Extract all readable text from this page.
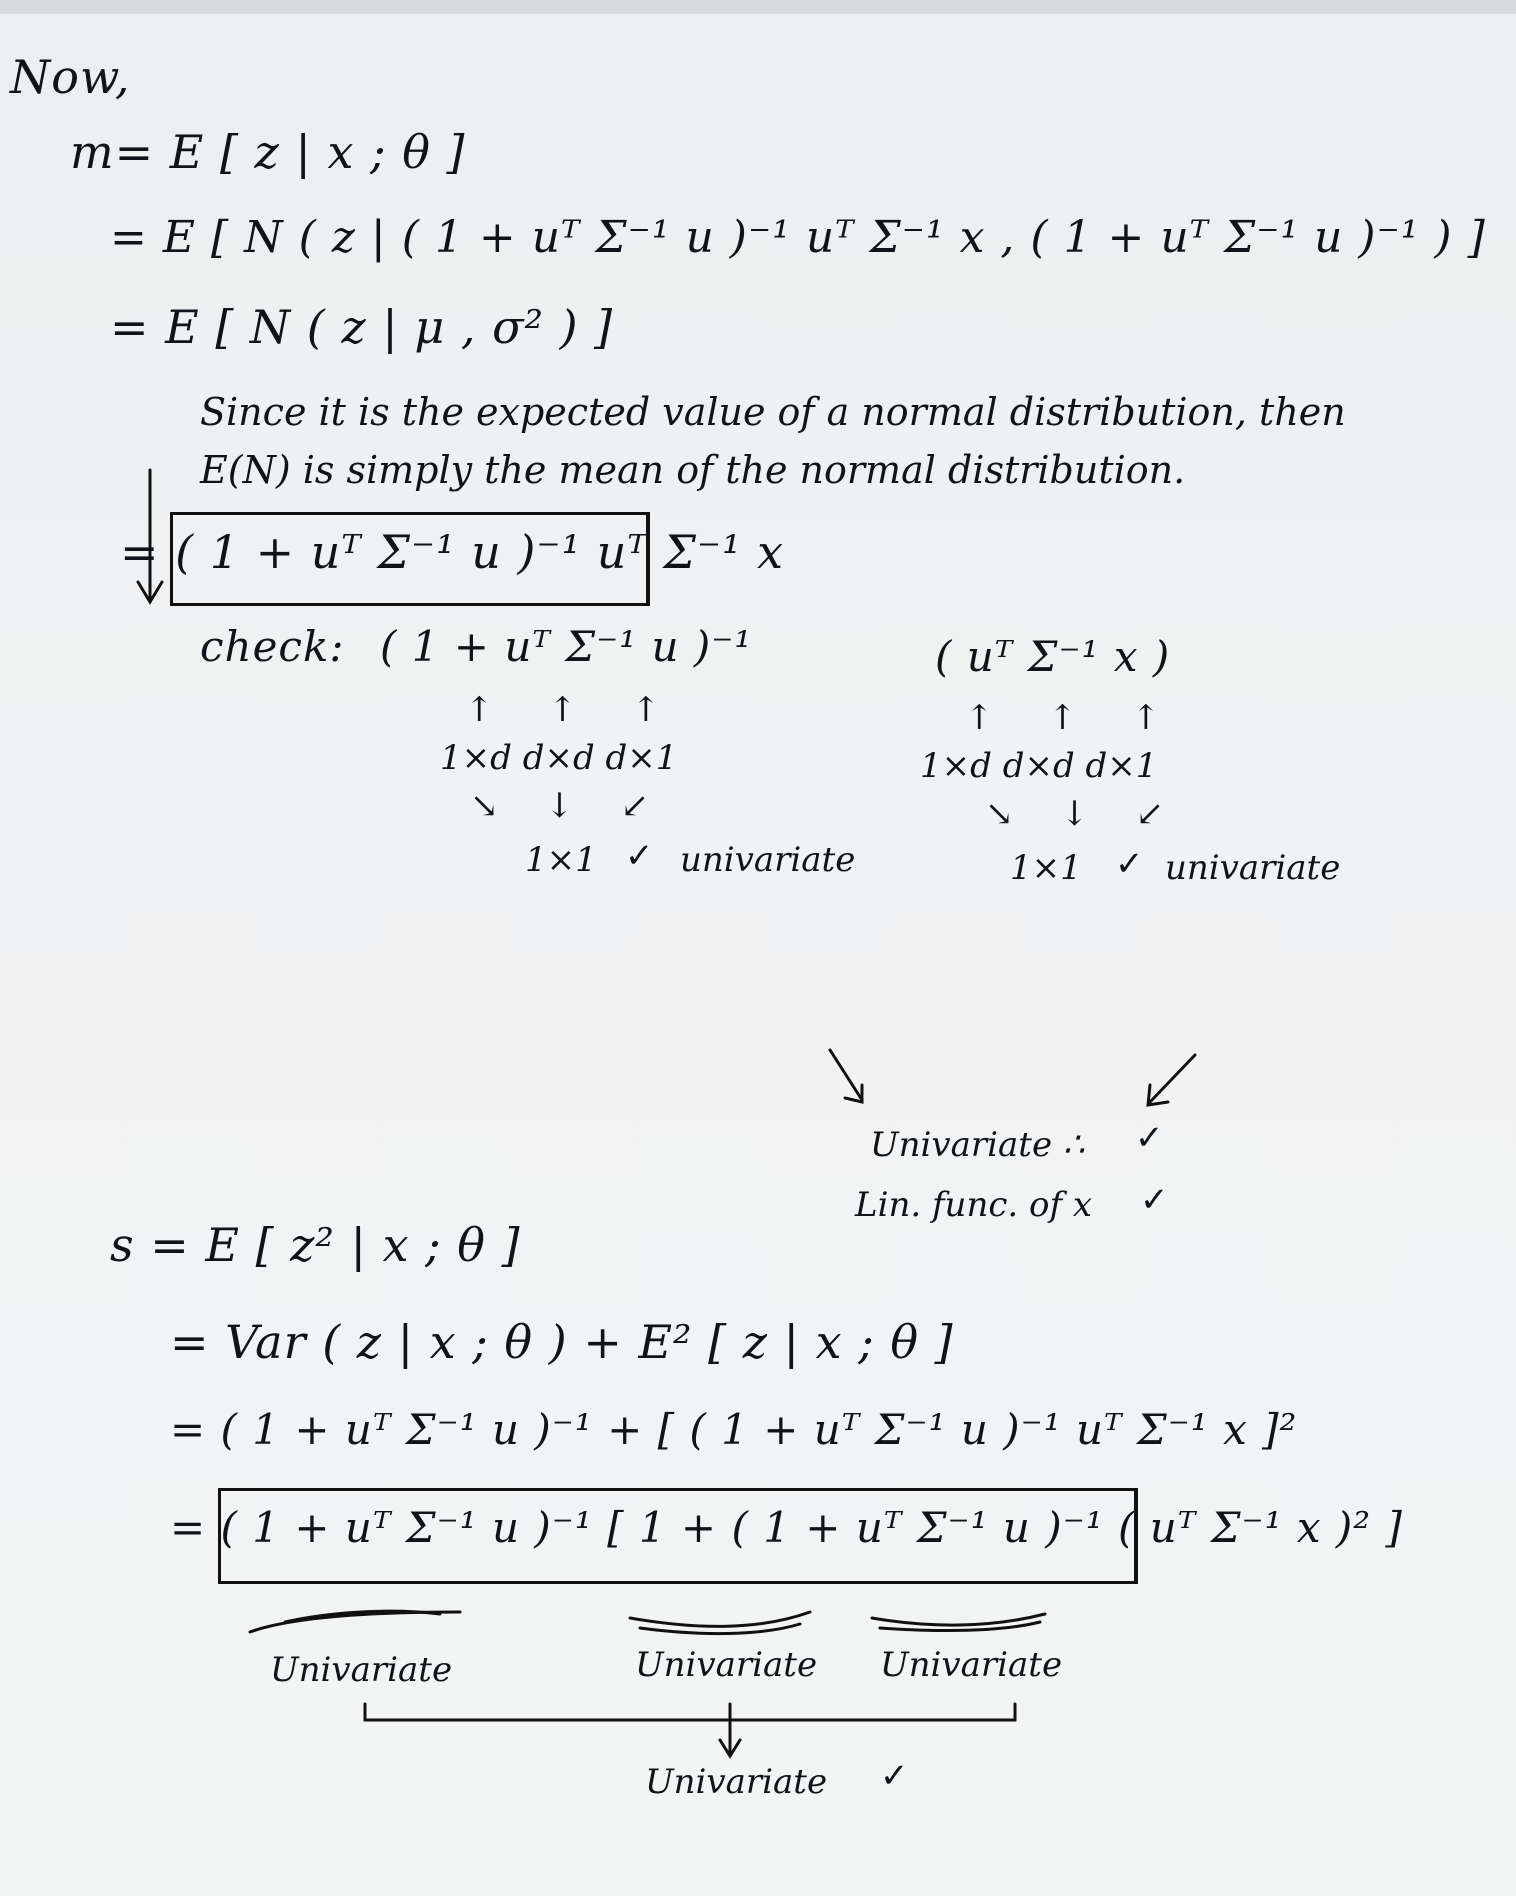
Now,
m= E [ z | x ; θ ]
= E [ N ( z | ( 1 + uᵀ Σ⁻¹ u )⁻¹ uᵀ Σ⁻¹ x , ( 1 + uᵀ Σ⁻¹ u )⁻¹ ) ]
= E [ N ( z | μ , σ² ) ]
Since it is the expected value of a normal distribution, then
E(N) is simply the mean of the normal distribution.
= ( 1 + uᵀ Σ⁻¹ u )⁻¹ uᵀ Σ⁻¹ x
check: ( 1 + uᵀ Σ⁻¹ u )⁻¹
↑ ↑ ↑
1×d d×d d×1
↘ ↓ ↙
1×1 ✓ univariate
( uᵀ Σ⁻¹ x )
↑ ↑ ↑
1×d d×d d×1
↘ ↓ ↙
1×1 ✓ univariate
Univariate ∴ ✓
Lin. func. of x ✓
s = E [ z² | x ; θ ]
= Var ( z | x ; θ ) + E² [ z | x ; θ ]
= ( 1 + uᵀ Σ⁻¹ u )⁻¹ + [ ( 1 + uᵀ Σ⁻¹ u )⁻¹ uᵀ Σ⁻¹ x ]²
= ( 1 + uᵀ Σ⁻¹ u )⁻¹ [ 1 + ( 1 + uᵀ Σ⁻¹ u )⁻¹ ( uᵀ Σ⁻¹ x )² ]
Univariate	Univariate Univariate
Univariate ✓
